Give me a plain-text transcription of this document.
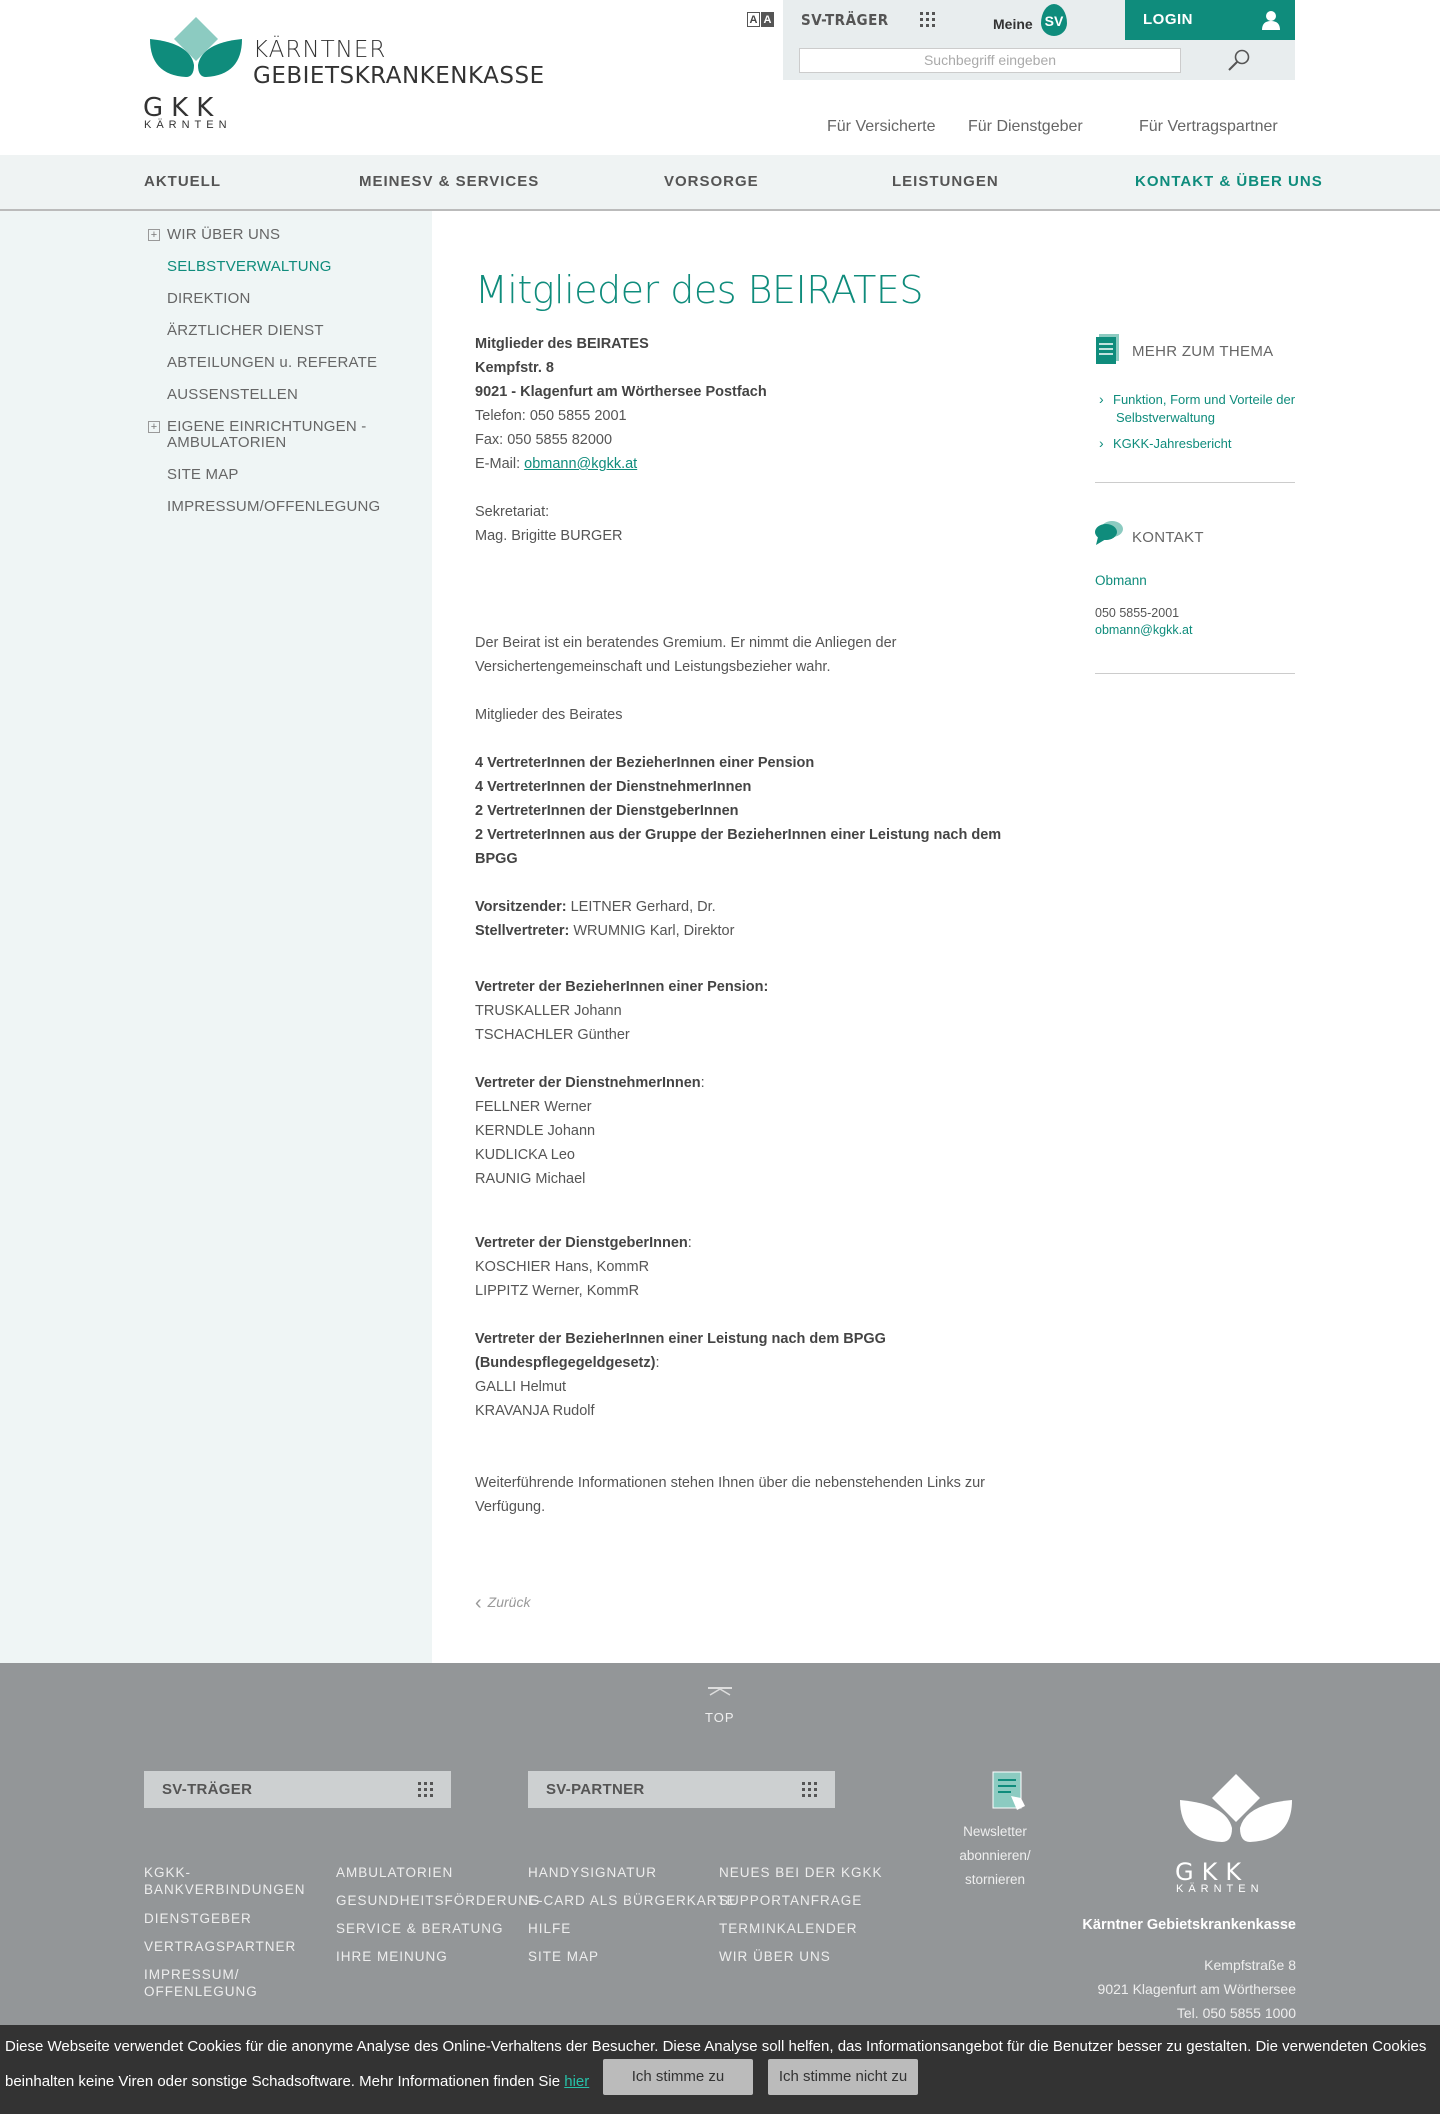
KÄRNTNER
GEBIETSKRANKENKASSE
GKK
KÄRNTEN
A A	SV-TRÄGER	Meine SV	LOGIN
Suchbegriff eingeben
Für Versicherte Für Dienstgeber	Für Vertragspartner
AKTUELL	MEINESV & SERVICES	VORSORGE	LEISTUNGEN	KONTAKT & ÜBER UNS
+ WIR ÜBER UNS
SELBSTVERWALTUNG
DIREKTION
ÄRZTLICHER DIENST
ABTEILUNGEN u. REFERATE
AUSSENSTELLEN
+ EIGENE EINRICHTUNGEN -
AMBULATORIEN
SITE MAP
IMPRESSUM/OFFENLEGUNG
Mitglieder des BEIRATES
Mitglieder des BEIRATES
Kempfstr. 8
9021 - Klagenfurt am Wörthersee Postfach
Telefon: 050 5855 2001
Fax: 050 5855 82000
E-Mail: obmann@kgkk.at
Sekretariat:
Mag. Brigitte BURGER
Der Beirat ist ein beratendes Gremium. Er nimmt die Anliegen der
Versichertengemeinschaft und Leistungsbezieher wahr.
Mitglieder des Beirates
4 VertreterInnen der BezieherInnen einer Pension
4 VertreterInnen der DienstnehmerInnen
2 VertreterInnen der DienstgeberInnen
2 VertreterInnen aus der Gruppe der BezieherInnen einer Leistung nach dem
BPGG
Vorsitzender: LEITNER Gerhard, Dr.
Stellvertreter: WRUMNIG Karl, Direktor
Vertreter der BezieherInnen einer Pension:
TRUSKALLER Johann
TSCHACHLER Günther
Vertreter der DienstnehmerInnen:
FELLNER Werner
KERNDLE Johann
KUDLICKA Leo
RAUNIG Michael
Vertreter der DienstgeberInnen:
KOSCHIER Hans, KommR
LIPPITZ Werner, KommR
Vertreter der BezieherInnen einer Leistung nach dem BPGG
(Bundespflegegeldgesetz):
GALLI Helmut
KRAVANJA Rudolf
Weiterführende Informationen stehen Ihnen über die nebenstehenden Links zur
Verfügung.
‹ Zurück
MEHR ZUM THEMA
› Funktion, Form und Vorteile der
Selbstverwaltung
› KGKK-Jahresbericht
KONTAKT
Obmann
050 5855-2001
obmann@kgkk.at
TOP
SV-TRÄGER	SV-PARTNER
KGKK-
BANKVERBINDUNGEN
DIENSTGEBER
VERTRAGSPARTNER
IMPRESSUM/
OFFENLEGUNG
AMBULATORIEN
GESUNDHEITSFÖRDERUNG
SERVICE & BERATUNG
IHRE MEINUNG
HANDYSIGNATUR
E-CARD ALS BÜRGERKARTE
HILFE
SITE MAP
NEUES BEI DER KGKK
SUPPORTANFRAGE
TERMINKALENDER
WIR ÜBER UNS
Newsletter
abonnieren/
stornieren	GKK
KÄRNTEN
Kärntner Gebietskrankenkasse
Kempfstraße 8
9021 Klagenfurt am Wörthersee
Tel. 050 5855 1000
Diese Webseite verwendet Cookies für die anonyme Analyse des Online-Verhaltens der Besucher. Diese Analyse soll helfen, das Informationsangebot für die Benutzer besser zu gestalten. Die verwendeten Cookies
beinhalten keine Viren oder sonstige Schadsoftware. Mehr Informationen finden Sie hier	Ich stimme zu	Ich stimme nicht zu
